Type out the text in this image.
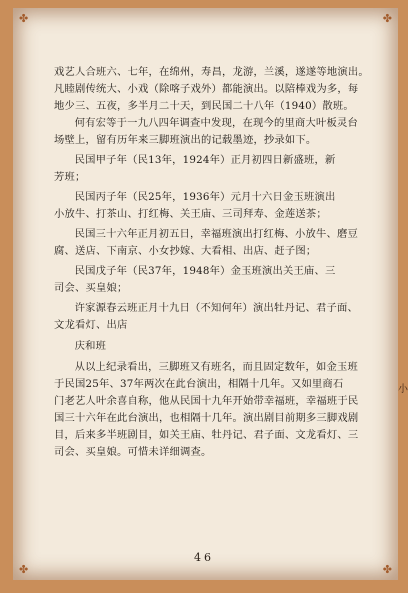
✤	✤
✤	✤

戏艺人合班六、七年，在绵州，寿昌，龙游，兰溪，遂遂等地演出。

凡睦剧传统大、小戏（除喀子戏外）都能演出。以陪棒戏为多，每

地少三、五夜，多半月二十天，到民国二十八年（1940）散班。

何有宏等于一九八四年调查中发现，在现今的里商大叶板灵台

场壁上，留有历年来三脚班演出的记载墨迹，抄录如下。

民国甲子年（民13年，1924年）正月初四日新盛班，新

芳班；

民国丙子年（民25年，1936年）元月十六日金玉班演出

小放牛、打茶山、打红梅、关王庙、三司拜寿、金莲送茶；

民国三十六年正月初五日，幸福班演出打红梅、小放牛、磨豆

腐、送店、下南京、小女抄嫁、大看相、出店、赶子图；

民国戊子年（民37年，1948年）金玉班演出关王庙、三

司会、买皇娘；

许家源春云班正月十九日（不知何年）演出牡丹记、君子面、

文龙看灯、出店

庆和班

从以上纪录看出，三脚班又有班名，而且固定数年，如金玉班

于民国25年、37年两次在此台演出，相隔十几年。又如里商石

门老艺人叶余喜自称，他从民国十九年开始带幸福班，幸福班于民

国三十六年在此台演出，也相隔十几年。演出剧目前期多三脚戏剧

目，后来多半班剧目，如关王庙、牡丹记、君子面、文龙看灯、三

司会、买皇娘。可惜未详细调查。

小
46
